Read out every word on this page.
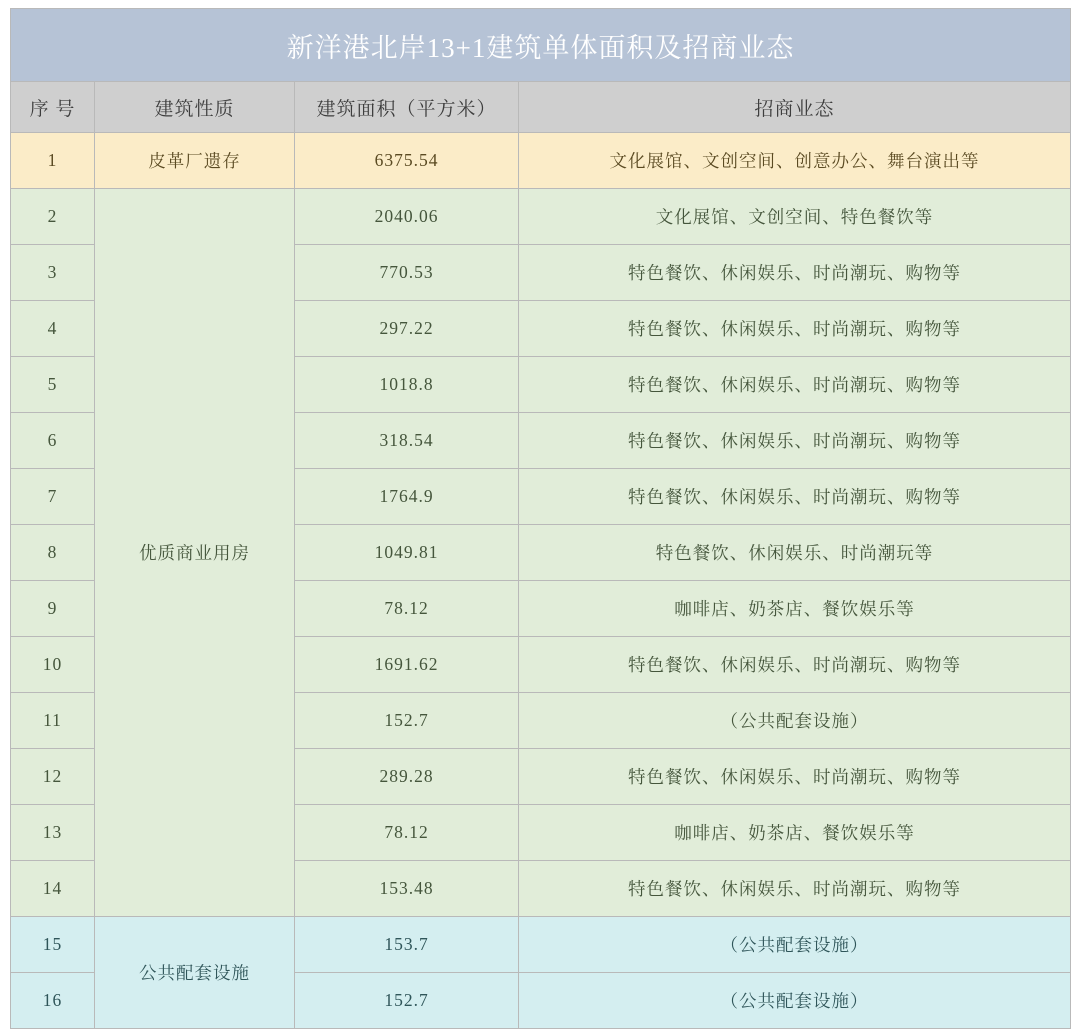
新洋港北岸13+1建筑单体面积及招商业态			
序 号	建筑性质	建筑面积（平方米）	招商业态
1	皮革厂遗存	6375.54	文化展馆、文创空间、创意办公、舞台演出等
2	优质商业用房	2040.06	文化展馆、文创空间、特色餐饮等
3		770.53	特色餐饮、休闲娱乐、时尚潮玩、购物等
4		297.22	特色餐饮、休闲娱乐、时尚潮玩、购物等
5		1018.8	特色餐饮、休闲娱乐、时尚潮玩、购物等
6		318.54	特色餐饮、休闲娱乐、时尚潮玩、购物等
7		1764.9	特色餐饮、休闲娱乐、时尚潮玩、购物等
8		1049.81	特色餐饮、休闲娱乐、时尚潮玩等
9		78.12	咖啡店、奶茶店、餐饮娱乐等
10		1691.62	特色餐饮、休闲娱乐、时尚潮玩、购物等
11		152.7	（公共配套设施）
12		289.28	特色餐饮、休闲娱乐、时尚潮玩、购物等
13		78.12	咖啡店、奶茶店、餐饮娱乐等
14		153.48	特色餐饮、休闲娱乐、时尚潮玩、购物等
15	公共配套设施	153.7	（公共配套设施）
16		152.7	（公共配套设施）
